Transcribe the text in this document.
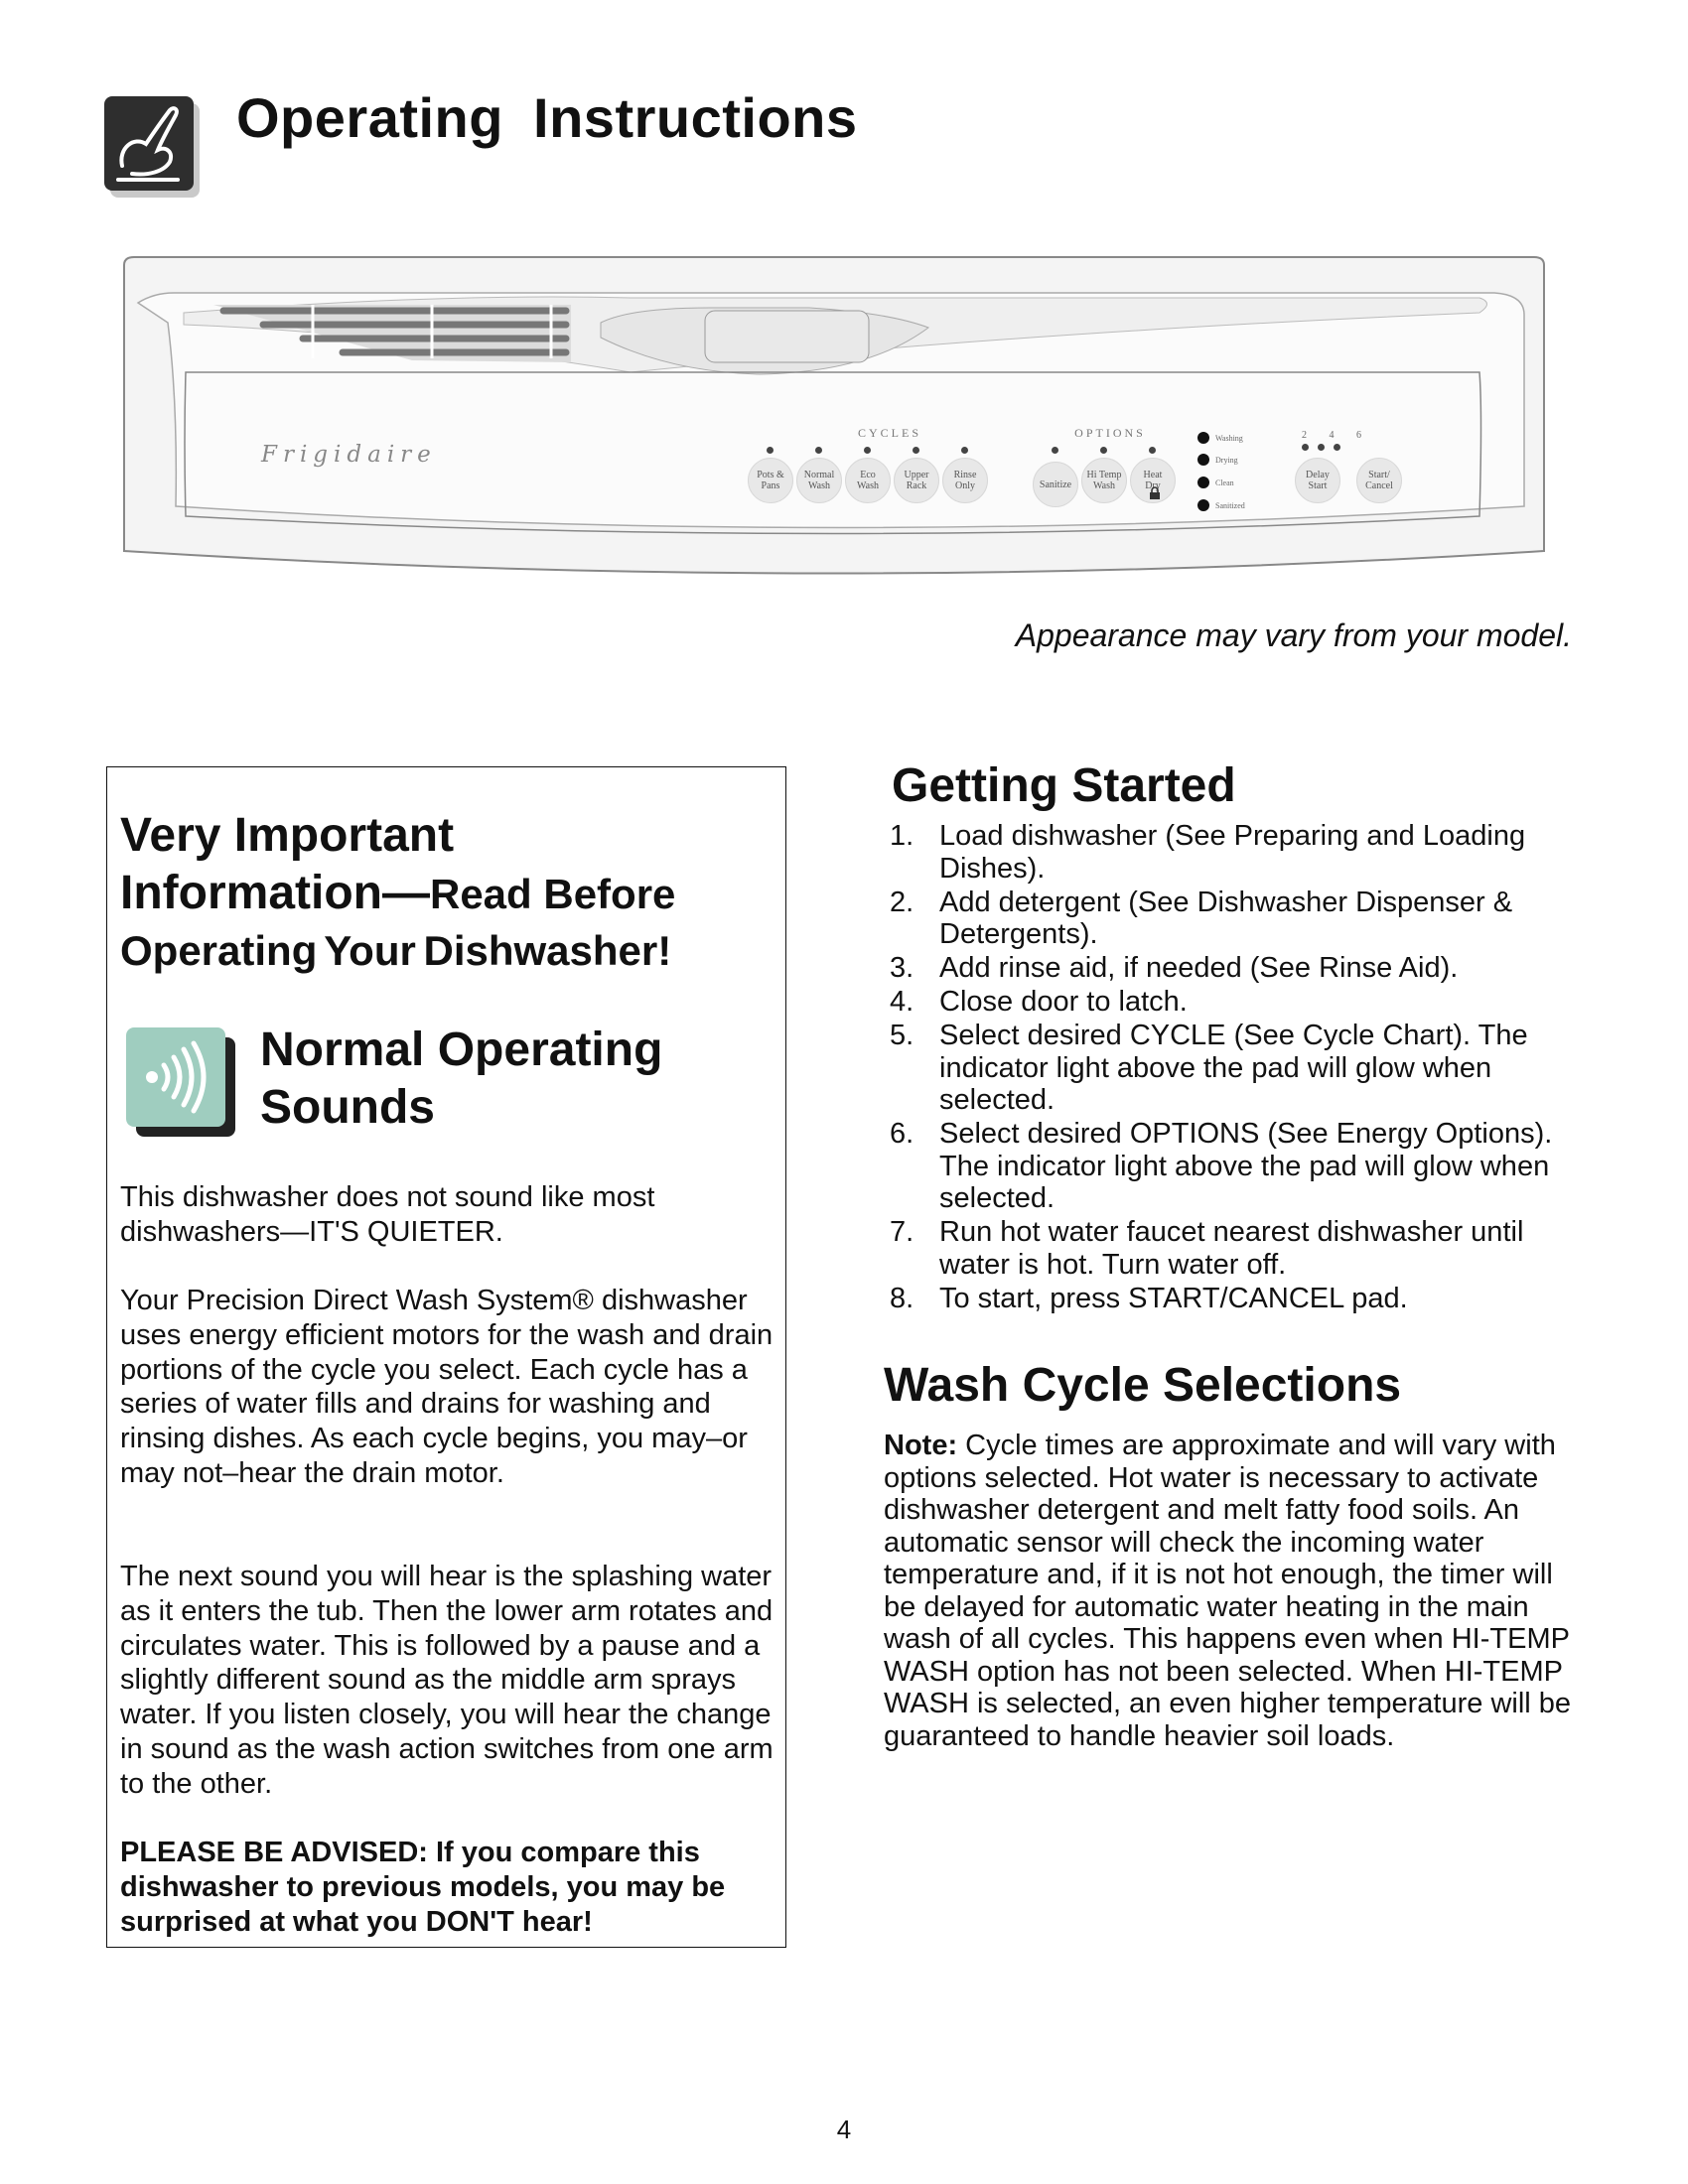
Operating Instructions
Frigidaire
CYCLES	OPTIONS
Pots &
Pans
Normal
Wash
Eco
Wash
Upper
Rack
Rinse
Only	Sanitize
Hi Temp
Wash
Heat
Dry
Washing
Drying
Clean
Sanitized
2 4 6
Delay
Start
Start/
Cancel

Appearance may vary from your model.

Very Important
Information—Read Before
Operating Your Dishwasher!
Normal Operating
Sounds

This dishwasher does not sound like most dishwashers—IT'S QUIETER.

Your Precision Direct Wash System® dishwasher uses energy efficient motors for the wash and drain portions of the cycle you select. Each cycle has a series of water fills and drains for washing and rinsing dishes. As each cycle begins, you may–or may not–hear the drain motor.

The next sound you will hear is the splashing water as it enters the tub. Then the lower arm rotates and circulates water. This is followed by a pause and a slightly different sound as the middle arm sprays water. If you listen closely, you will hear the change in sound as the wash action switches from one arm to the other.

PLEASE BE ADVISED: If you compare this dishwasher to previous models, you may be surprised at what you DON'T hear!

Getting Started
1. Load dishwasher (See Preparing and Loading Dishes).
2. Add detergent (See Dishwasher Dispenser & Detergents).
3. Add rinse aid, if needed (See Rinse Aid).
4. Close door to latch.
5. Select desired CYCLE (See Cycle Chart). The indicator light above the pad will glow when selected.
6. Select desired OPTIONS (See Energy Options). The indicator light above the pad will glow when selected.
7. Run hot water faucet nearest dishwasher until water is hot. Turn water off.
8. To start, press START/CANCEL pad.
Wash Cycle Selections

Note: Cycle times are approximate and will vary with options selected. Hot water is necessary to activate dishwasher detergent and melt fatty food soils. An automatic sensor will check the incoming water temperature and, if it is not hot enough, the timer will be delayed for automatic water heating in the main wash of all cycles. This happens even when HI-TEMP WASH option has not been selected. When HI-TEMP WASH is selected, an even higher temperature will be guaranteed to handle heavier soil loads.

4
